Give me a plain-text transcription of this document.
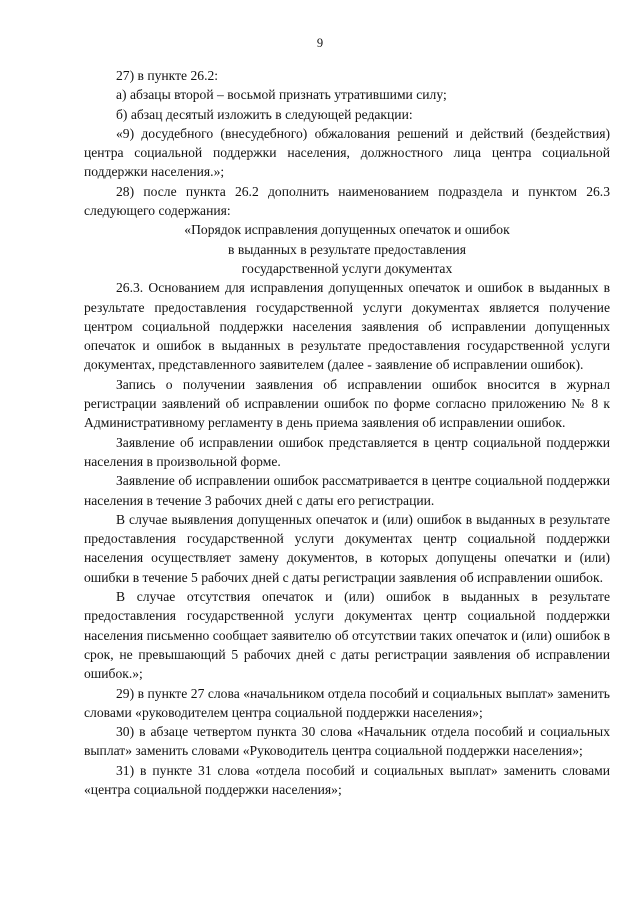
9

27) в пункте 26.2:

а) абзацы второй – восьмой признать утратившими силу;

б) абзац десятый изложить в следующей редакции:

«9) досудебного (внесудебного) обжалования решений и действий (бездействия) центра социальной поддержки населения, должностного лица центра социальной поддержки населения.»;

28) после пункта 26.2 дополнить наименованием подраздела и пунктом 26.3 следующего содержания:

«Порядок исправления допущенных опечаток и ошибок

в выданных в результате предоставления

государственной услуги документах

26.3. Основанием для исправления допущенных опечаток и ошибок в выданных в результате предоставления государственной услуги документах является получение центром социальной поддержки населения заявления об исправлении допущенных опечаток и ошибок в выданных в результате предоставления государственной услуги документах, представленного заявителем (далее - заявление об исправлении ошибок).

Запись о получении заявления об исправлении ошибок вносится в журнал регистрации заявлений об исправлении ошибок по форме согласно приложению № 8 к Административному регламенту в день приема заявления об исправлении ошибок.

Заявление об исправлении ошибок представляется в центр социальной поддержки населения в произвольной форме.

Заявление об исправлении ошибок рассматривается в центре социальной поддержки населения в течение 3 рабочих дней с даты его регистрации.

В случае выявления допущенных опечаток и (или) ошибок в выданных в результате предоставления государственной услуги документах центр социальной поддержки населения осуществляет замену документов, в которых допущены опечатки и (или) ошибки в течение 5 рабочих дней с даты регистрации заявления об исправлении ошибок.

В случае отсутствия опечаток и (или) ошибок в выданных в результате предоставления государственной услуги документах центр социальной поддержки населения письменно сообщает заявителю об отсутствии таких опечаток и (или) ошибок в срок, не превышающий 5 рабочих дней с даты регистрации заявления об исправлении ошибок.»;

29) в пункте 27 слова «начальником отдела пособий и социальных выплат» заменить словами «руководителем центра социальной поддержки населения»;

30) в абзаце четвертом пункта 30 слова «Начальник отдела пособий и социальных выплат» заменить словами «Руководитель центра социальной поддержки населения»;

31) в пункте 31 слова «отдела пособий и социальных выплат» заменить словами «центра социальной поддержки населения»;
